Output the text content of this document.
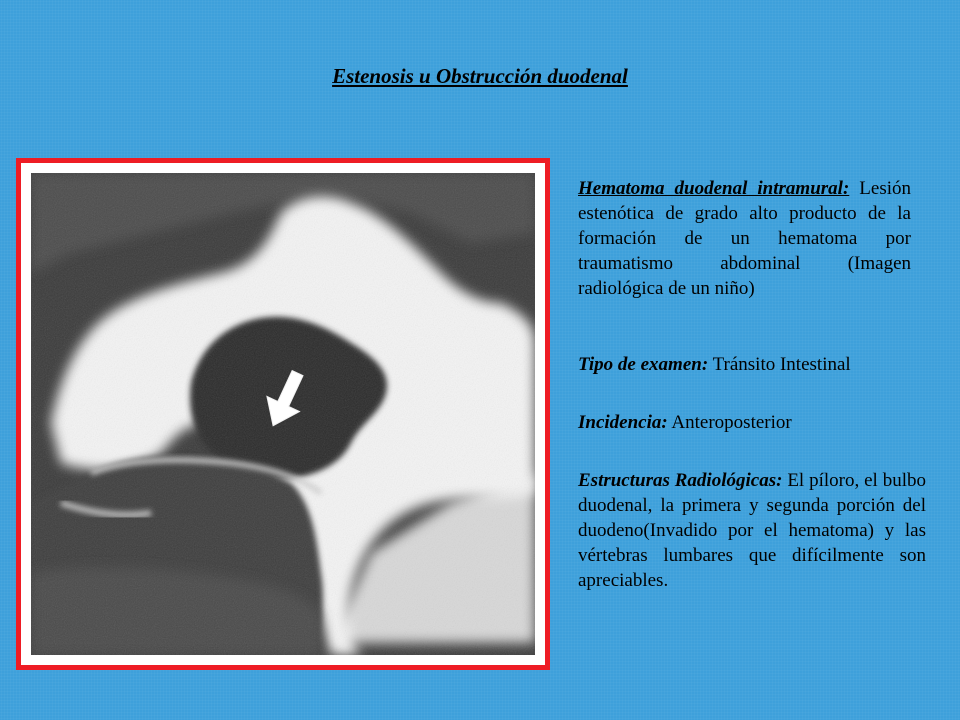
Estenosis u Obstrucción duodenal
Hematoma duodenal intramural: Lesión estenótica de grado alto producto de la formación de un hematoma por traumatismo abdominal (Imagen radiológica de un niño)
Tipo de examen: Tránsito Intestinal
Incidencia: Anteroposterior
Estructuras Radiológicas: El píloro, el bulbo duodenal, la primera y segunda porción del duodeno(Invadido por el hematoma) y las vértebras lumbares que difícilmente son apreciables.
